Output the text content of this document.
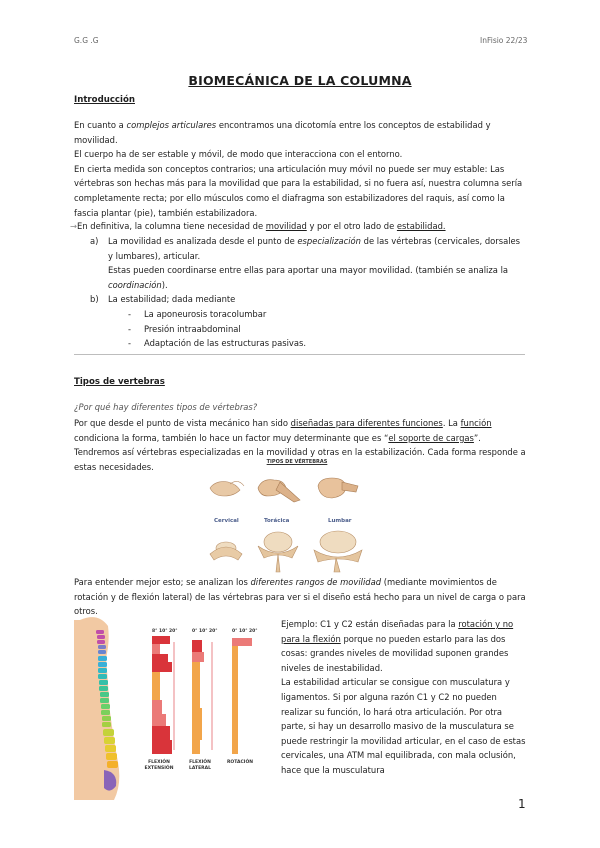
G.G .G	InFisio 22/23
BIOMECÁNICA DE LA COLUMNA
Introducción

En cuanto a complejos articulares encontramos una dicotomía entre los conceptos de estabilidad y movilidad.

El cuerpo ha de ser estable y móvil, de modo que interacciona con el entorno.

En cierta medida son conceptos contrarios; una articulación muy móvil no puede ser muy estable: Las vértebras son hechas más para la movilidad que para la estabilidad, si no fuera así, nuestra columna sería completamente recta; por ello músculos como el diafragma son estabilizadores del raquis, así como la fascia plantar (pie), también estabilizadora.

→En definitiva, la columna tiene necesidad de movilidad y por el otro lado de estabilidad.

a) La movilidad es analizada desde el punto de especialización de las vértebras (cervicales, dorsales y lumbares), articular.
Estas pueden coordinarse entre ellas para aportar una mayor movilidad. (también se analiza la coordinación).
b) La estabilidad; dada mediante
- La aponeurosis toracolumbar
- Presión intraabdominal
- Adaptación de las estructuras pasivas.
Tipos de vertebras
¿Por qué hay diferentes tipos de vértebras?

Por que desde el punto de vista mecánico han sido diseñadas para diferentes funciones. La función condiciona la forma, también lo hace un factor muy determinante que es “el soporte de cargas”. Tendremos así vértebras especializadas en la movilidad y otras en la estabilización. Cada forma responde a estas necesidades.	TIPOS DE VÉRTEBRAS
Cervical	Torácica	Lumbar

Para entender mejor esto; se analizan los diferentes rangos de movilidad (mediante movimientos de rotación y de flexión lateral) de las vértebras para ver si el diseño está hecho para un nivel de carga o para otros.

8° 10° 20°	0° 10° 20°	0° 10° 20°
FLEXIÓN EXTENSIÓN
FLEXIÓN LATERAL
ROTACIÓN

Ejemplo: C1 y C2 están diseñadas para la rotación y no para la flexión porque no pueden estarlo para las dos cosas: grandes niveles de movilidad suponen grandes niveles de inestabilidad.

La estabilidad articular se consigue con musculatura y ligamentos. Si por alguna razón C1 y C2 no pueden realizar su función, lo hará otra articulación. Por otra parte, si hay un desarrollo masivo de la musculatura se puede restringir la movilidad articular, en el caso de estas cervicales, una ATM mal equilibrada, con mala oclusión, hace que la musculatura

1
